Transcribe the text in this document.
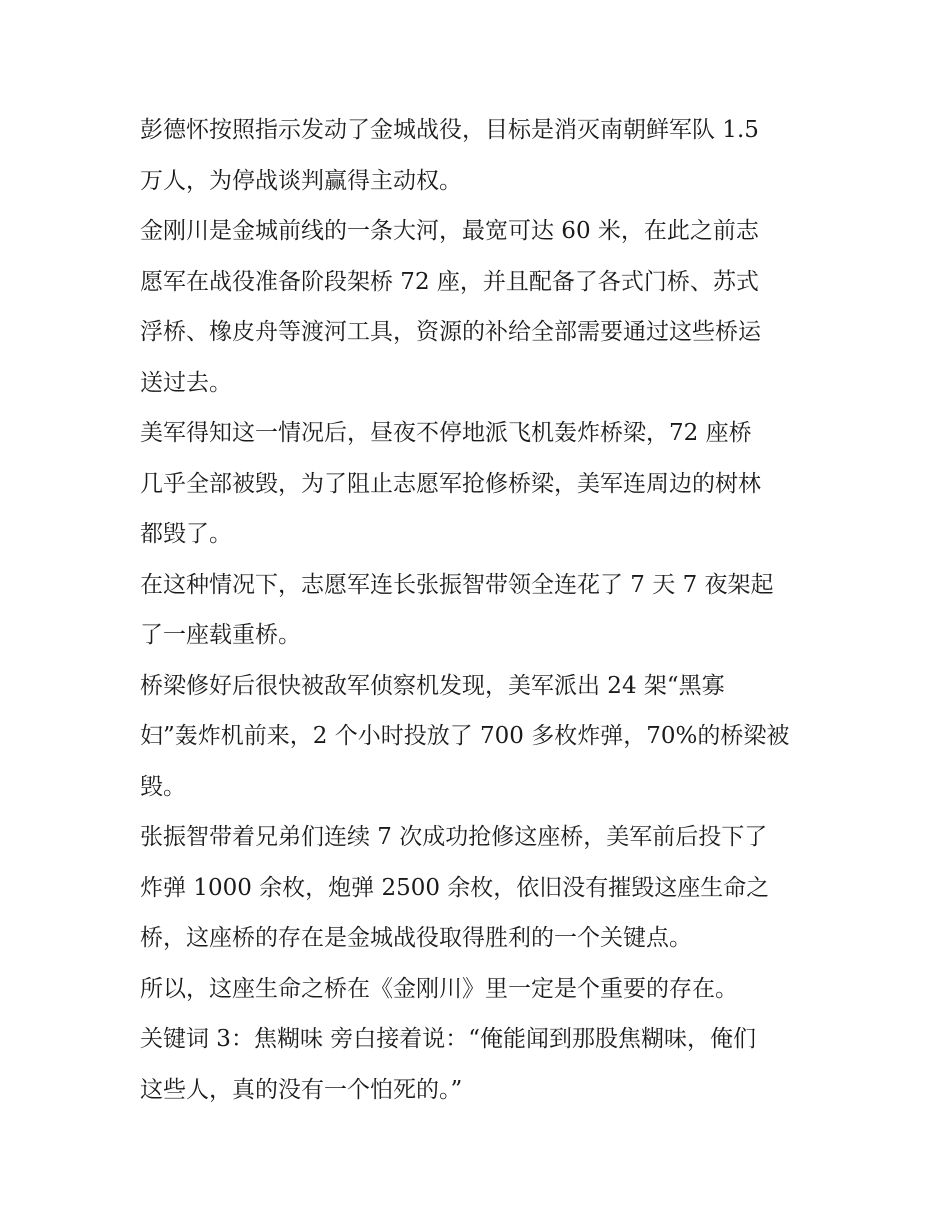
彭德怀按照指示发动了金城战役，目标是消灭南朝鲜军队 1.5
万人，为停战谈判赢得主动权。

金刚川是金城前线的一条大河，最宽可达 60 米，在此之前志
愿军在战役准备阶段架桥 72 座，并且配备了各式门桥、苏式
浮桥、橡皮舟等渡河工具，资源的补给全部需要通过这些桥运
送过去。

美军得知这一情况后，昼夜不停地派飞机轰炸桥梁，72 座桥
几乎全部被毁，为了阻止志愿军抢修桥梁，美军连周边的树林
都毁了。

在这种情况下，志愿军连长张振智带领全连花了 7 天 7 夜架起
了一座载重桥。

桥梁修好后很快被敌军侦察机发现，美军派出 24 架“黑寡
妇”轰炸机前来，2 个小时投放了 700 多枚炸弹，70%的桥梁被
毁。

张振智带着兄弟们连续 7 次成功抢修这座桥，美军前后投下了
炸弹 1000 余枚，炮弹 2500 余枚，依旧没有摧毁这座生命之
桥，这座桥的存在是金城战役取得胜利的一个关键点。

所以，这座生命之桥在《金刚川》里一定是个重要的存在。

关键词 3：焦糊味 旁白接着说：“俺能闻到那股焦糊味，俺们
这些人，真的没有一个怕死的。”
